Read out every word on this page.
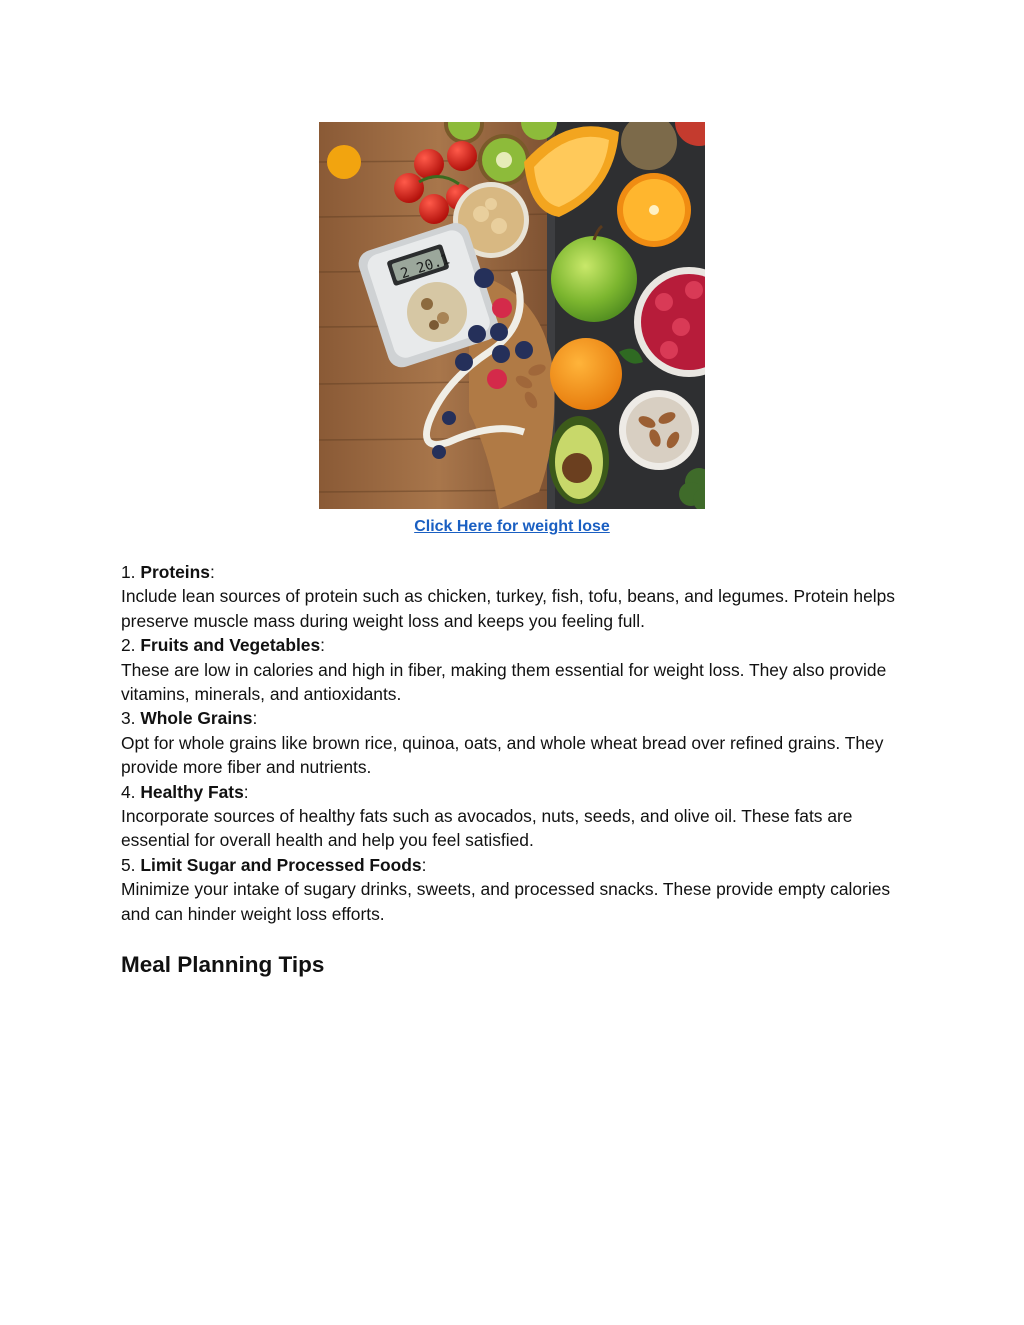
2 20.1
Click Here for weight lose

1. Proteins:

Include lean sources of protein such as chicken, turkey, fish, tofu, beans, and legumes. Protein helps preserve muscle mass during weight loss and keeps you feeling full.

2. Fruits and Vegetables:

These are low in calories and high in fiber, making them essential for weight loss. They also provide vitamins, minerals, and antioxidants.

3. Whole Grains:

Opt for whole grains like brown rice, quinoa, oats, and whole wheat bread over refined grains. They provide more fiber and nutrients.

4. Healthy Fats:

Incorporate sources of healthy fats such as avocados, nuts, seeds, and olive oil. These fats are essential for overall health and help you feel satisfied.

5. Limit Sugar and Processed Foods:

Minimize your intake of sugary drinks, sweets, and processed snacks. These provide empty calories and can hinder weight loss efforts.

Meal Planning Tips
